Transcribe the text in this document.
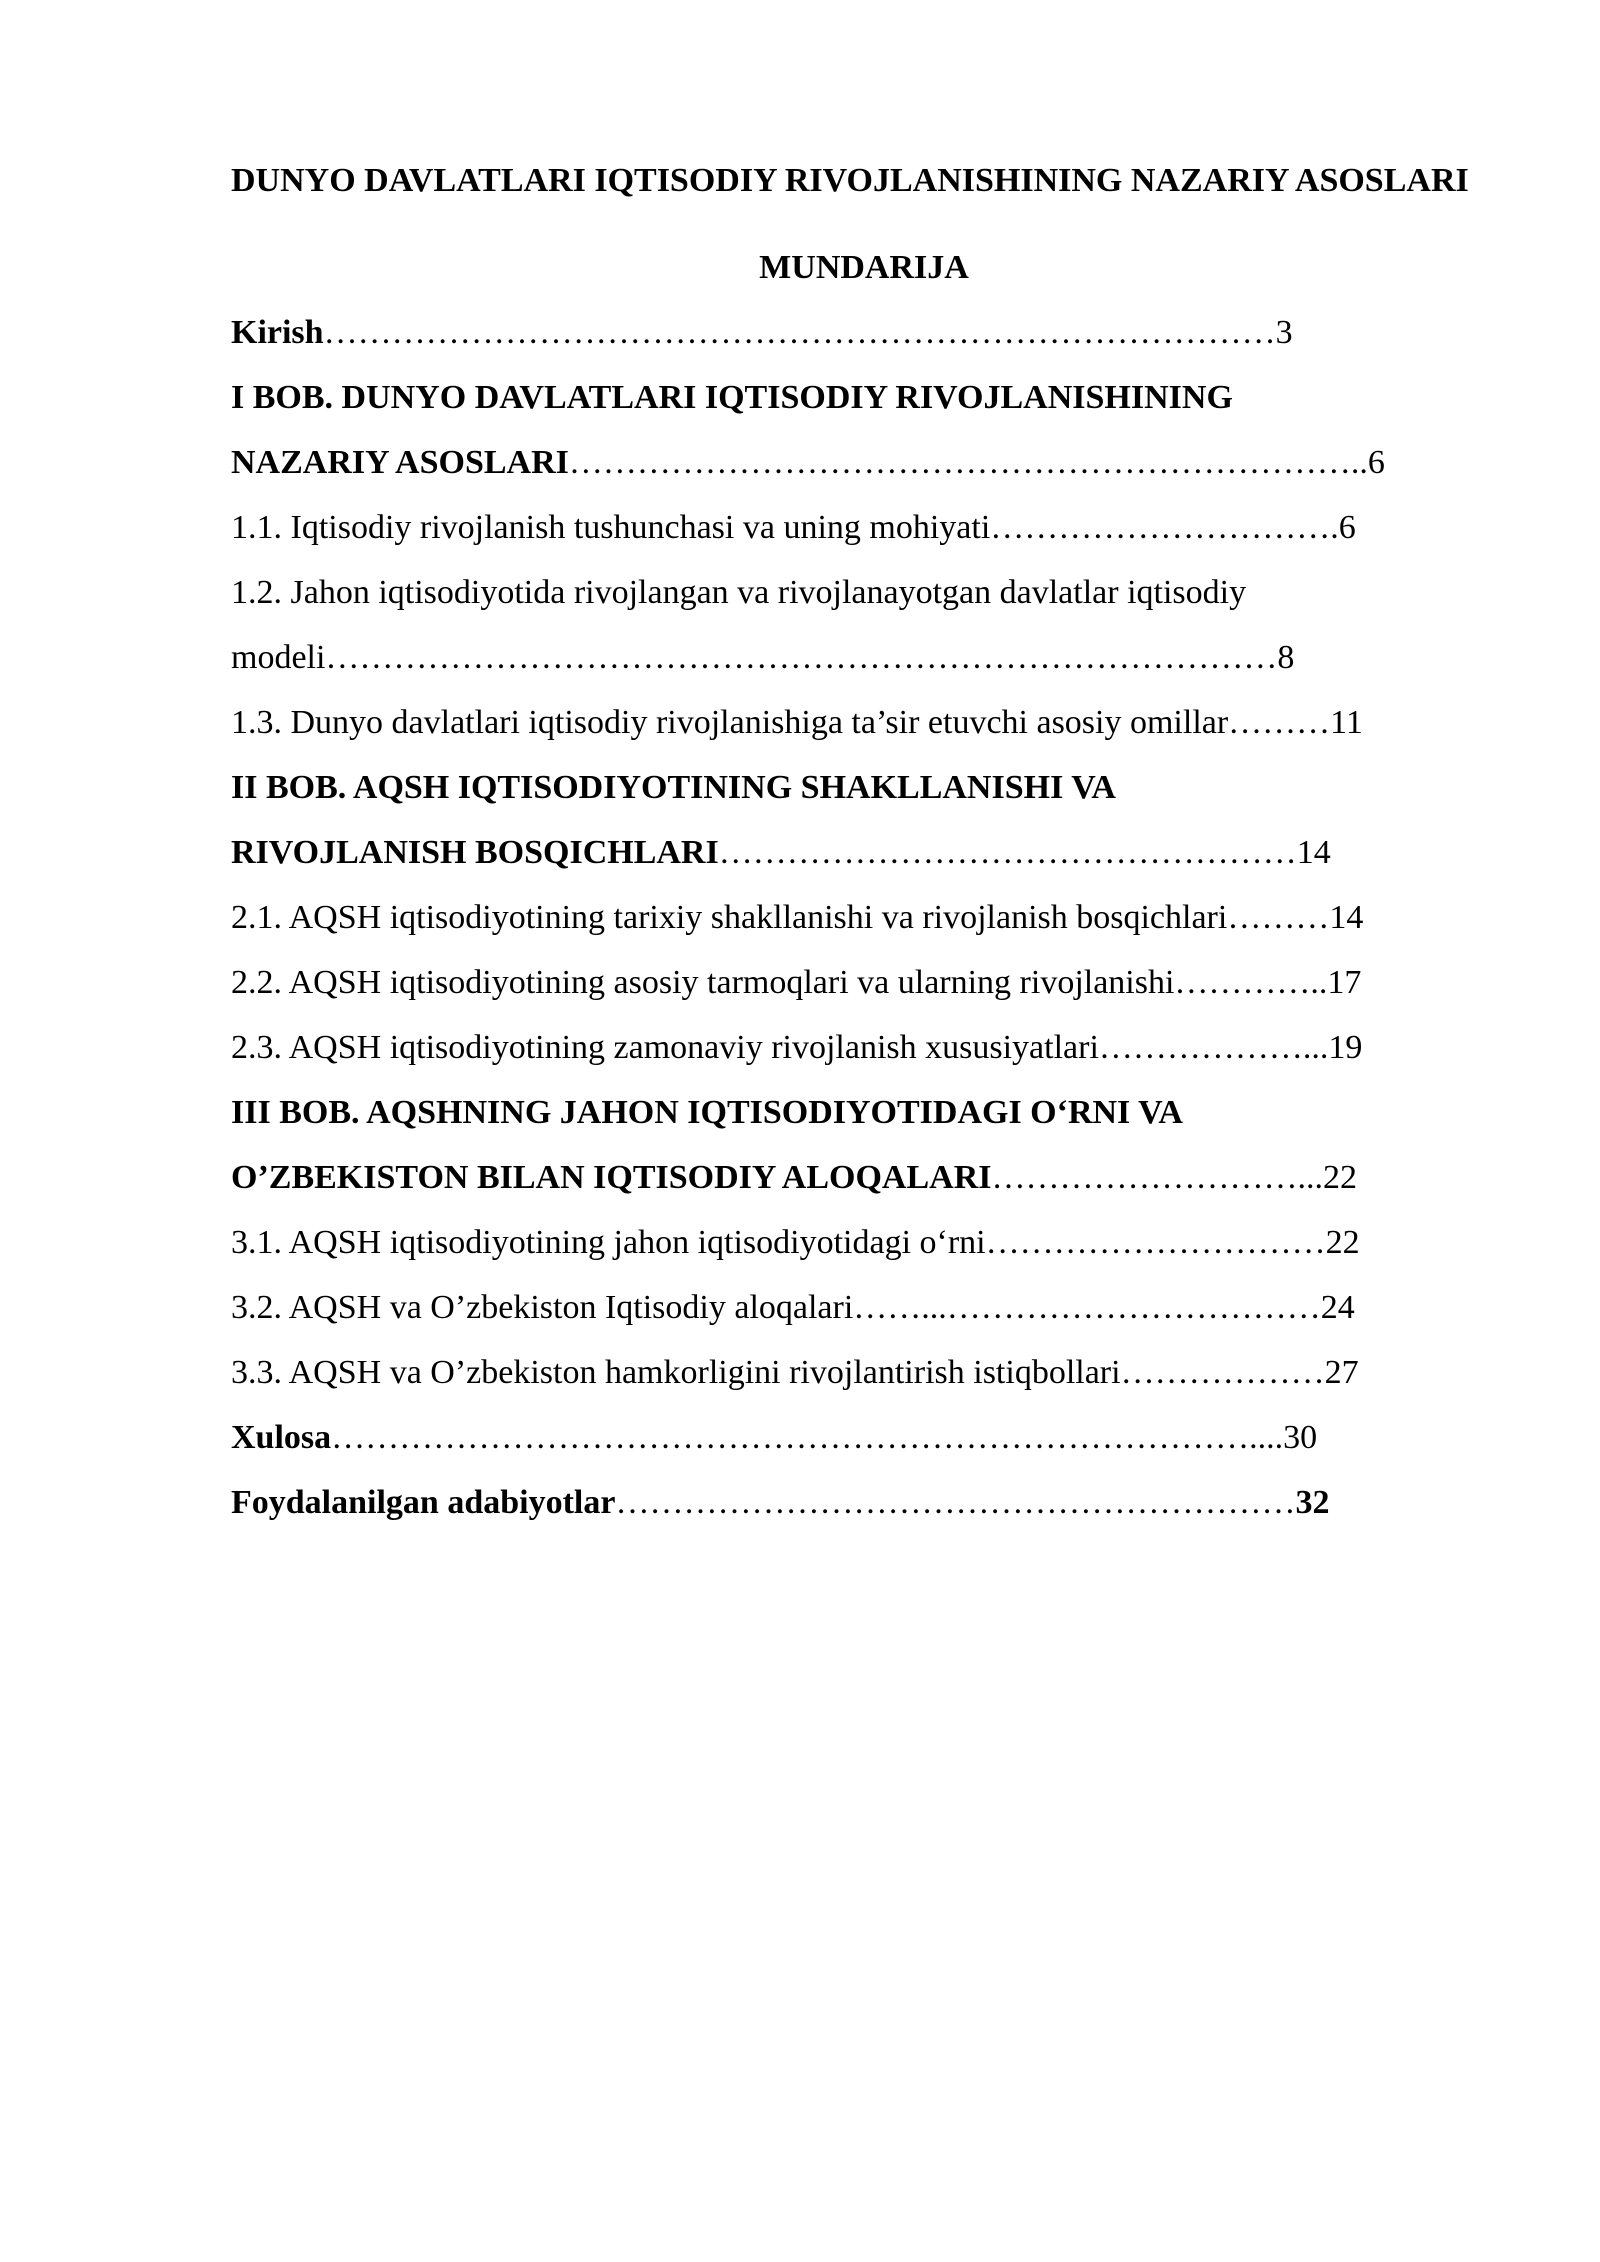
DUNYO DAVLATLARI IQTISODIY RIVOJLANISHINING NAZARIY ASOSLARI

MUNDARIJA
Kirish…………………………………………………………………………3
I BOB. DUNYO DAVLATLARI IQTISODIY RIVOJLANISHINING
NAZARIY ASOSLARI……………………………………………………………..6
1.1. Iqtisodiy rivojlanish tushunchasi va uning mohiyati………………………….6
1.2. Jahon iqtisodiyotida rivojlangan va rivojlanayotgan davlatlar iqtisodiy
modeli…………………………………………………………………………8
1.3. Dunyo davlatlari iqtisodiy rivojlanishiga ta’sir etuvchi asosiy omillar………11
II BOB. AQSH IQTISODIYOTINING SHAKLLANISHI VA
RIVOJLANISH BOSQICHLARI……………………………………………14
2.1. AQSH iqtisodiyotining tarixiy shakllanishi va rivojlanish bosqichlari………14
2.2. AQSH iqtisodiyotining asosiy tarmoqlari va ularning rivojlanishi…………..17
2.3. AQSH iqtisodiyotining zamonaviy rivojlanish xususiyatlari………………...19
III BOB. AQSHNING JAHON IQTISODIYOTIDAGI O‘RNI VA
O’ZBEKISTON BILAN IQTISODIY ALOQALARI………………………...22
3.1. AQSH iqtisodiyotining jahon iqtisodiyotidagi o‘rni…………………………22
3.2. AQSH va O’zbekiston Iqtisodiy aloqalari……...……………………………24
3.3. AQSH va O’zbekiston hamkorligini rivojlantirish istiqbollari………………27
Xulosa………………………………………………………………………....30
Foydalanilgan adabiyotlar……………………………………………………32
